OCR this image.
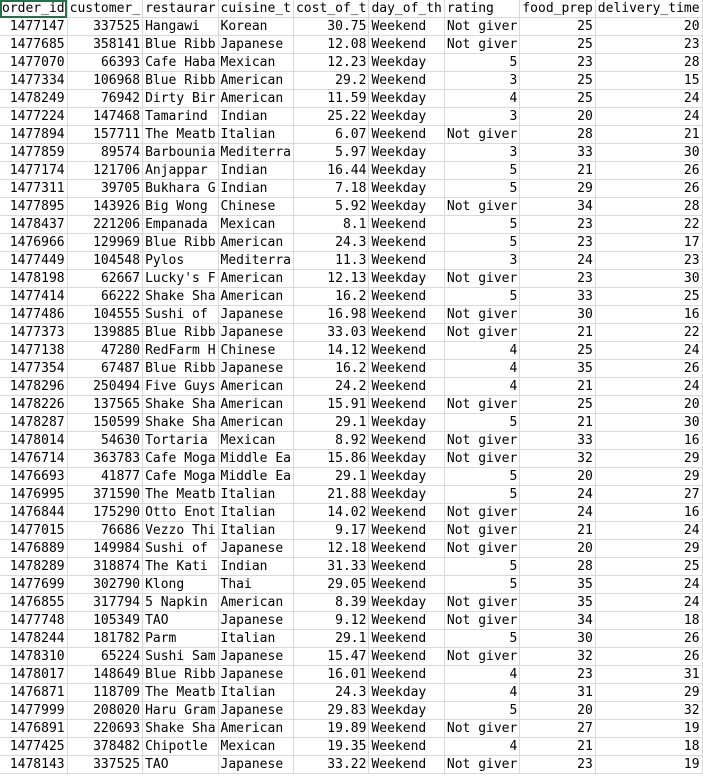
order_id	customer_	restaurar	cuisine_t	cost_of_t	day_of_th	rating	food_prep	delivery_time
1477147	337525	Hangawi	Korean	30.75	Weekend	Not giver	25	20
1477685	358141	Blue Ribb	Japanese	12.08	Weekend	Not giver	25	23
1477070	66393	Cafe Haba	Mexican	12.23	Weekday	5	23	28
1477334	106968	Blue Ribb	American	29.2	Weekend	3	25	15
1478249	76942	Dirty Bir	American	11.59	Weekday	4	25	24
1477224	147468	Tamarind	Indian	25.22	Weekday	3	20	24
1477894	157711	The Meatb	Italian	6.07	Weekend	Not giver	28	21
1477859	89574	Barbounia	Mediterra	5.97	Weekday	3	33	30
1477174	121706	Anjappar	Indian	16.44	Weekday	5	21	26
1477311	39705	Bukhara G	Indian	7.18	Weekday	5	29	26
1477895	143926	Big Wong	Chinese	5.92	Weekday	Not giver	34	28
1478437	221206	Empanada	Mexican	8.1	Weekend	5	23	22
1476966	129969	Blue Ribb	American	24.3	Weekend	5	23	17
1477449	104548	Pylos	Mediterra	11.3	Weekend	3	24	23
1478198	62667	Lucky's F	American	12.13	Weekday	Not giver	23	30
1477414	66222	Shake Sha	American	16.2	Weekend	5	33	25
1477486	104555	Sushi of	Japanese	16.98	Weekend	Not giver	30	16
1477373	139885	Blue Ribb	Japanese	33.03	Weekend	Not giver	21	22
1477138	47280	RedFarm H	Chinese	14.12	Weekend	4	25	24
1477354	67487	Blue Ribb	Japanese	16.2	Weekend	4	35	26
1478296	250494	Five Guys	American	24.2	Weekend	4	21	24
1478226	137565	Shake Sha	American	15.91	Weekend	Not giver	25	20
1478287	150599	Shake Sha	American	29.1	Weekday	5	21	30
1478014	54630	Tortaria	Mexican	8.92	Weekend	Not giver	33	16
1476714	363783	Cafe Moga	Middle Ea	15.86	Weekday	Not giver	32	29
1476693	41877	Cafe Moga	Middle Ea	29.1	Weekday	5	20	29
1476995	371590	The Meatb	Italian	21.88	Weekday	5	24	27
1476844	175290	Otto Enot	Italian	14.02	Weekend	Not giver	24	16
1477015	76686	Vezzo Thi	Italian	9.17	Weekend	Not giver	21	24
1476889	149984	Sushi of	Japanese	12.18	Weekend	Not giver	20	29
1478289	318874	The Kati	Indian	31.33	Weekend	5	28	25
1477699	302790	Klong	Thai	29.05	Weekend	5	35	24
1476855	317794	5 Napkin	American	8.39	Weekday	Not giver	35	24
1477748	105349	TAO	Japanese	9.12	Weekend	Not giver	34	18
1478244	181782	Parm	Italian	29.1	Weekend	5	30	26
1478310	65224	Sushi Sam	Japanese	15.47	Weekend	Not giver	32	26
1478017	148649	Blue Ribb	Japanese	16.01	Weekend	4	23	31
1476871	118709	The Meatb	Italian	24.3	Weekday	4	31	29
1477999	208020	Haru Gram	Japanese	29.83	Weekday	5	20	32
1476891	220693	Shake Sha	American	19.89	Weekend	Not giver	27	19
1477425	378482	Chipotle	Mexican	19.35	Weekend	4	21	18
1478143	337525	TAO	Japanese	33.22	Weekend	Not giver	23	19
